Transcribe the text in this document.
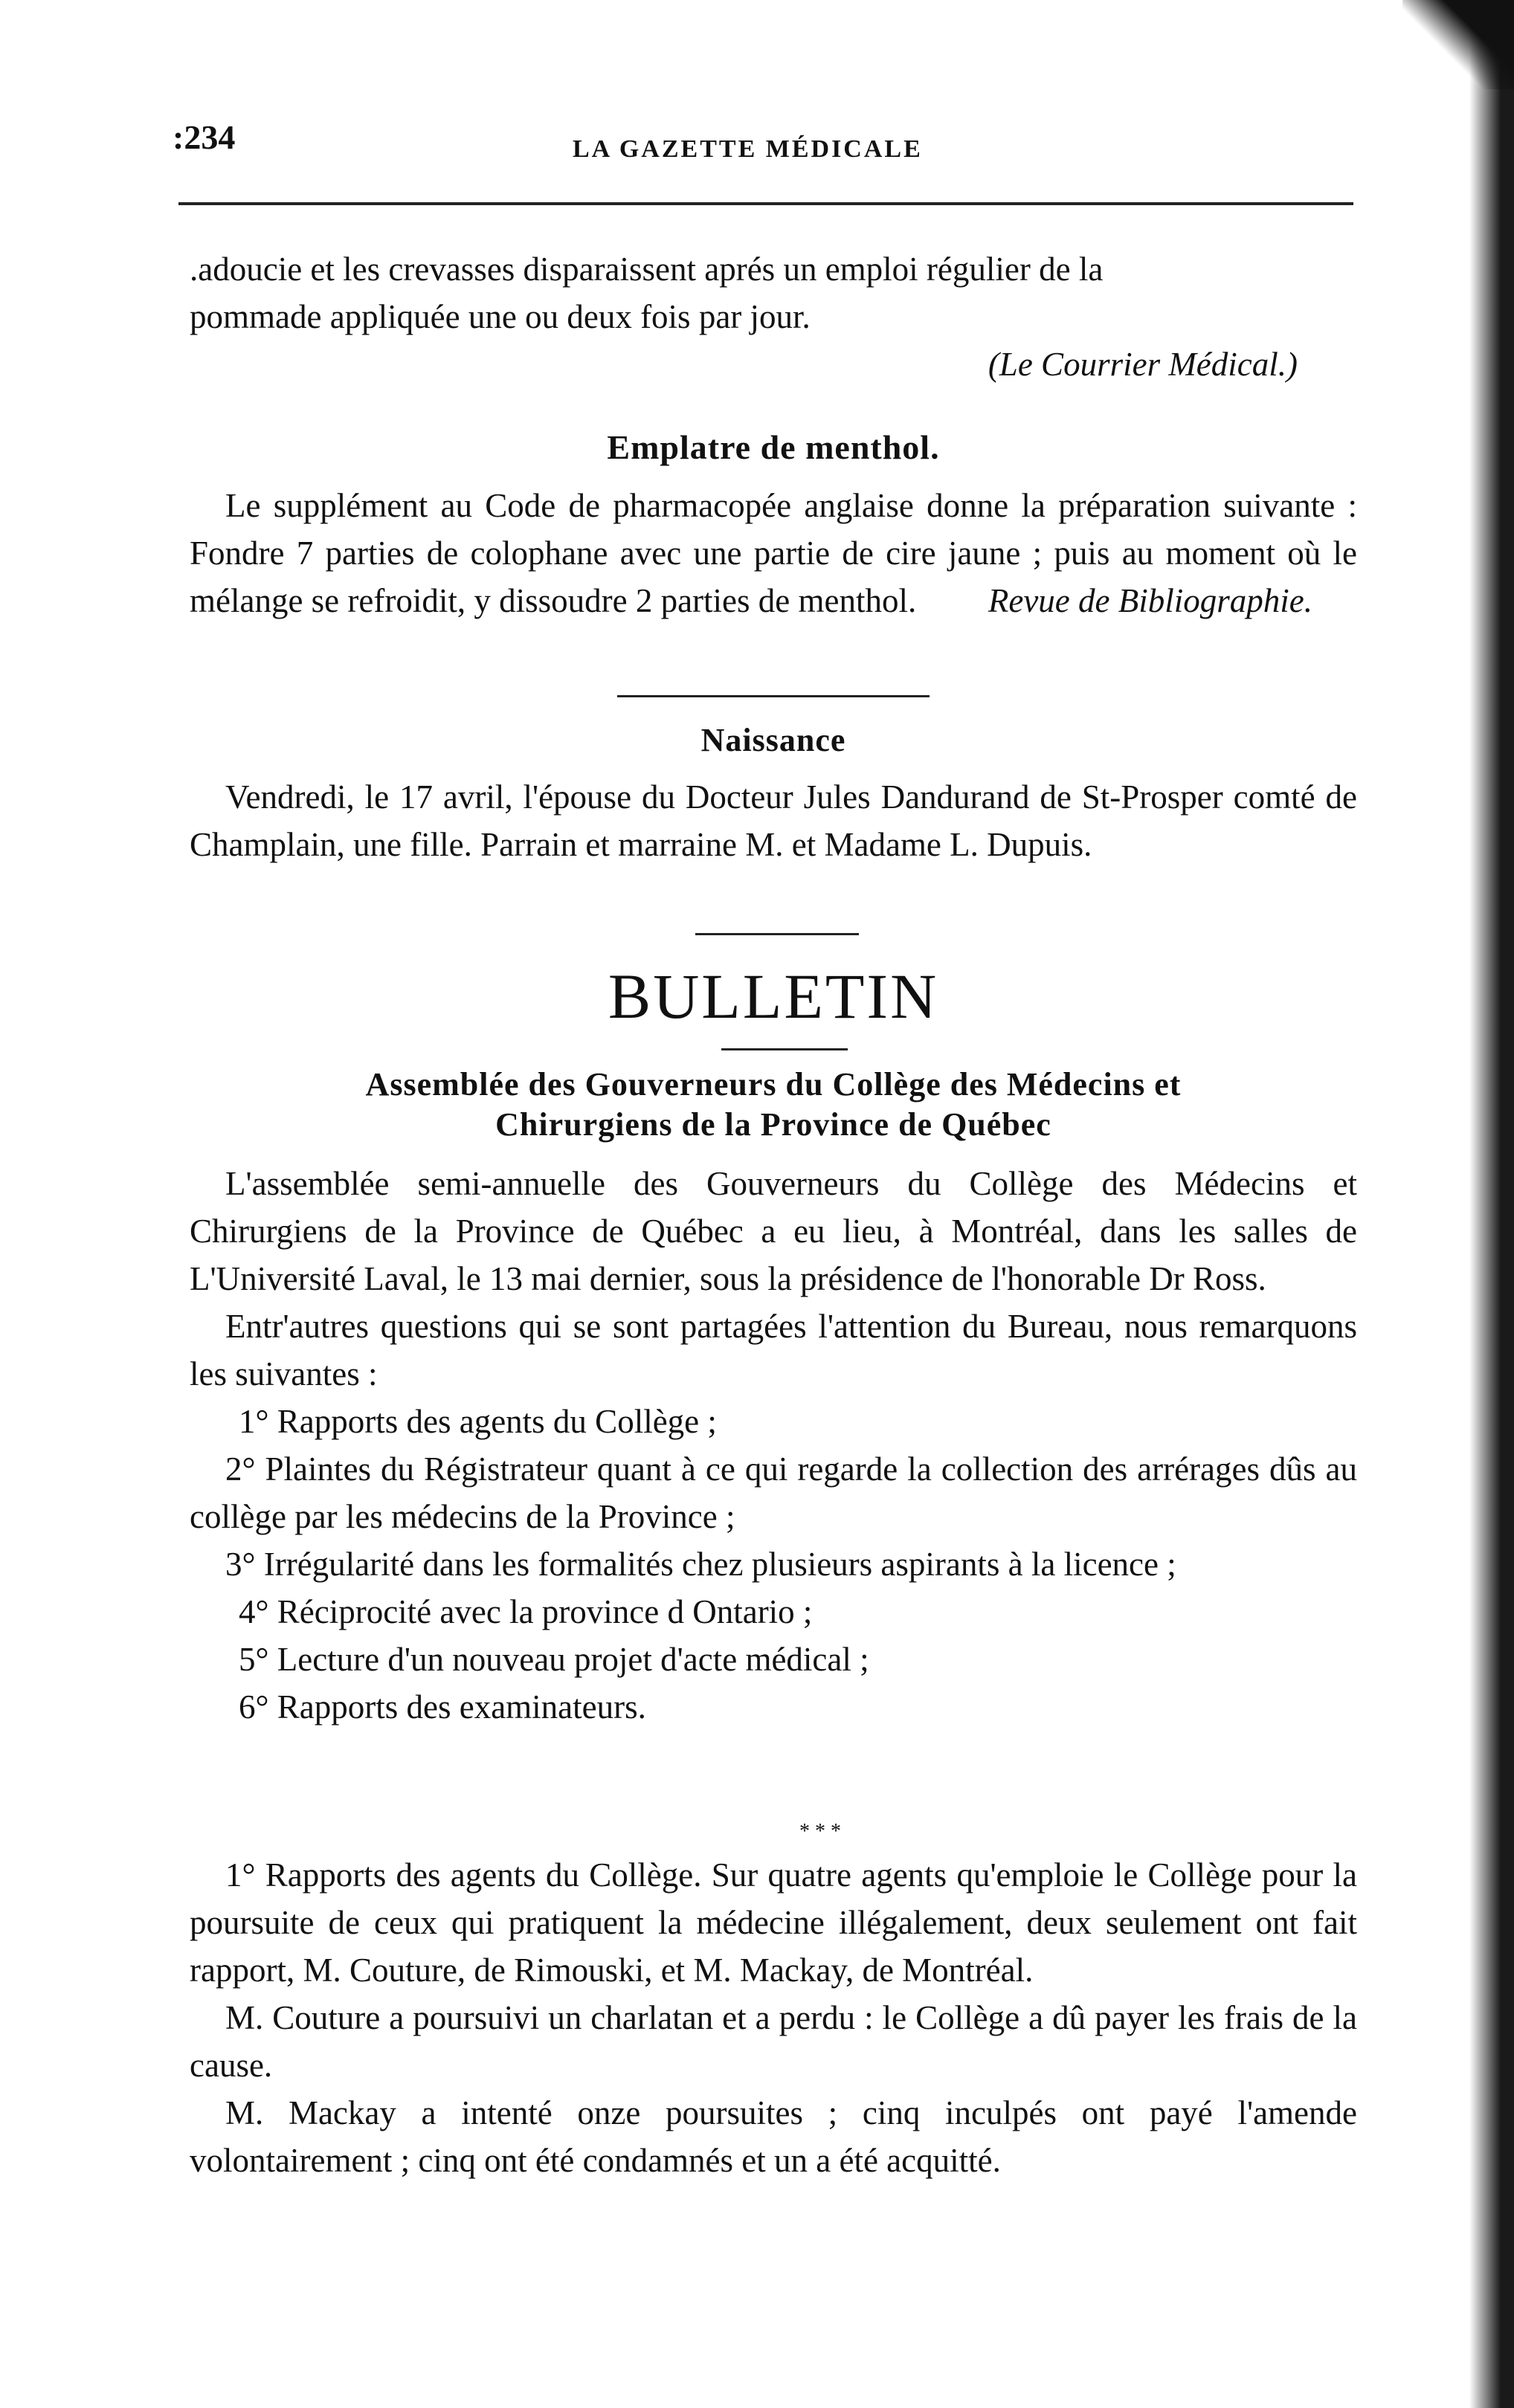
:234	LA GAZETTE MÉDICALE

.adoucie et les crevasses disparaissent aprés un emploi régulier de la

pommade appliquée une ou deux fois par jour.

(Le Courrier Médical.)

Emplatre de menthol.

Le supplément au Code de pharmacopée anglaise donne la préparation suivante : Fondre 7 parties de colophane avec une partie de cire jaune ; puis au moment où le mélange se refroidit, y dissoudre 2 parties de menthol.	Revue de Bibliographie.

Naissance

Vendredi, le 17 avril, l'épouse du Docteur Jules Dandurand de St-Prosper comté de Champlain, une fille. Parrain et marraine M. et Madame L. Dupuis.

BULLETIN
Assemblée des Gouverneurs du Collège des Médecins et
Chirurgiens de la Province de Québec

L'assemblée semi-annuelle des Gouverneurs du Collège des Médecins et Chirurgiens de la Province de Québec a eu lieu, à Montréal, dans les salles de L'Université Laval, le 13 mai dernier, sous la présidence de l'honorable Dr Ross.

Entr'autres questions qui se sont partagées l'attention du Bureau, nous remarquons les suivantes :

1° Rapports des agents du Collège ;

2° Plaintes du Régistrateur quant à ce qui regarde la collection des arrérages dûs au collège par les médecins de la Province ;

3° Irrégularité dans les formalités chez plusieurs aspirants à la licence ;

4° Réciprocité avec la province d Ontario ;

5° Lecture d'un nouveau projet d'acte médical ;

6° Rapports des examinateurs.

* * *

1° Rapports des agents du Collège. Sur quatre agents qu'emploie le Collège pour la poursuite de ceux qui pratiquent la médecine illégalement, deux seulement ont fait rapport, M. Couture, de Rimouski, et M. Mackay, de Montréal.

M. Couture a poursuivi un charlatan et a perdu : le Collège a dû payer les frais de la cause.

M. Mackay a intenté onze poursuites ; cinq inculpés ont payé l'amende volontairement ; cinq ont été condamnés et un a été acquitté.
